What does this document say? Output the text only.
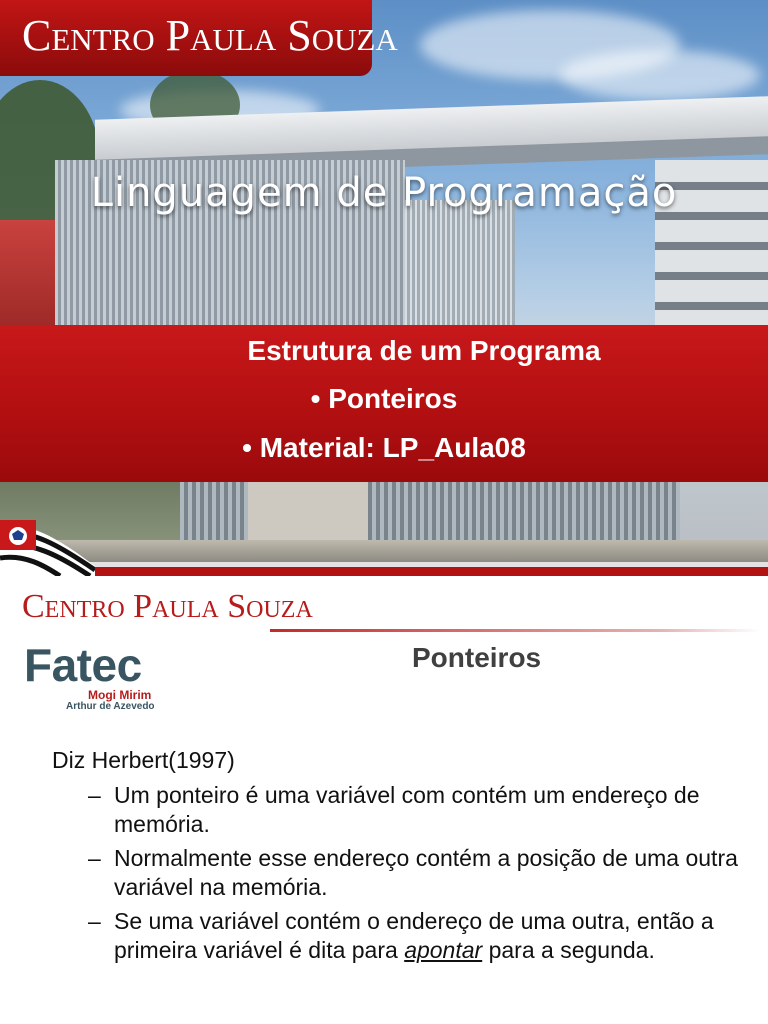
Centro Paula Souza
Linguagem de Programação
Estrutura de um Programa
• Ponteiros
• Material: LP_Aula08
Centro Paula Souza
Fatec
Mogi Mirim
Arthur de Azevedo
Ponteiros

Diz Herbert(1997)

– Um ponteiro é uma variável com contém um endereço de memória.
– Normalmente esse endereço contém a posição de uma outra variável na memória.
– Se uma variável contém o endereço de uma outra, então a primeira variável é dita para apontar para a segunda.
